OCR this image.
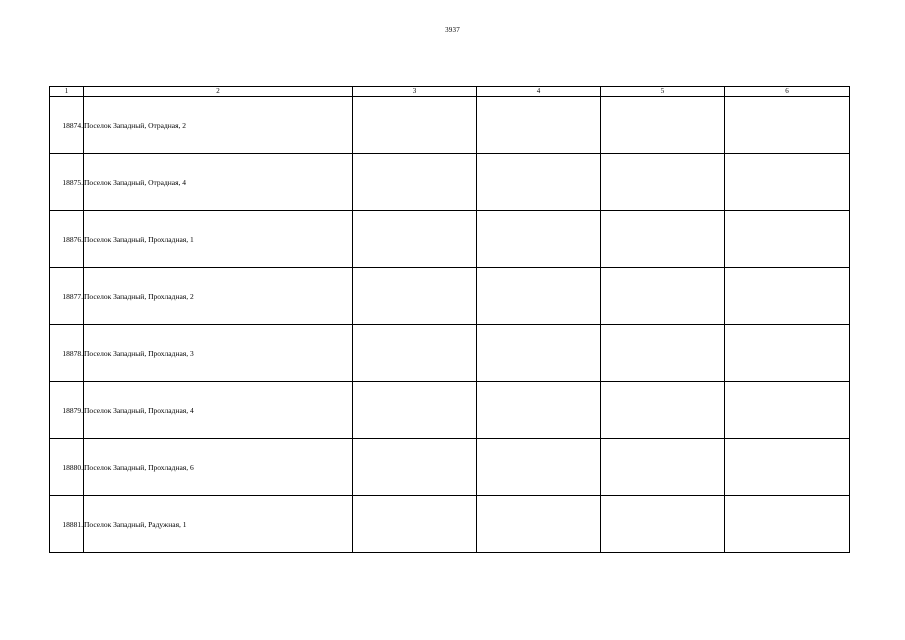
3937
1	2	3	4	5	6
18874.	Поселок Западный, Отрадная, 2				
18875.	Поселок Западный, Отрадная, 4				
18876.	Поселок Западный, Прохладная, 1				
18877.	Поселок Западный, Прохладная, 2				
18878.	Поселок Западный, Прохладная, 3				
18879.	Поселок Западный, Прохладная, 4				
18880.	Поселок Западный, Прохладная, 6				
18881.	Поселок Западный, Радужная, 1				
